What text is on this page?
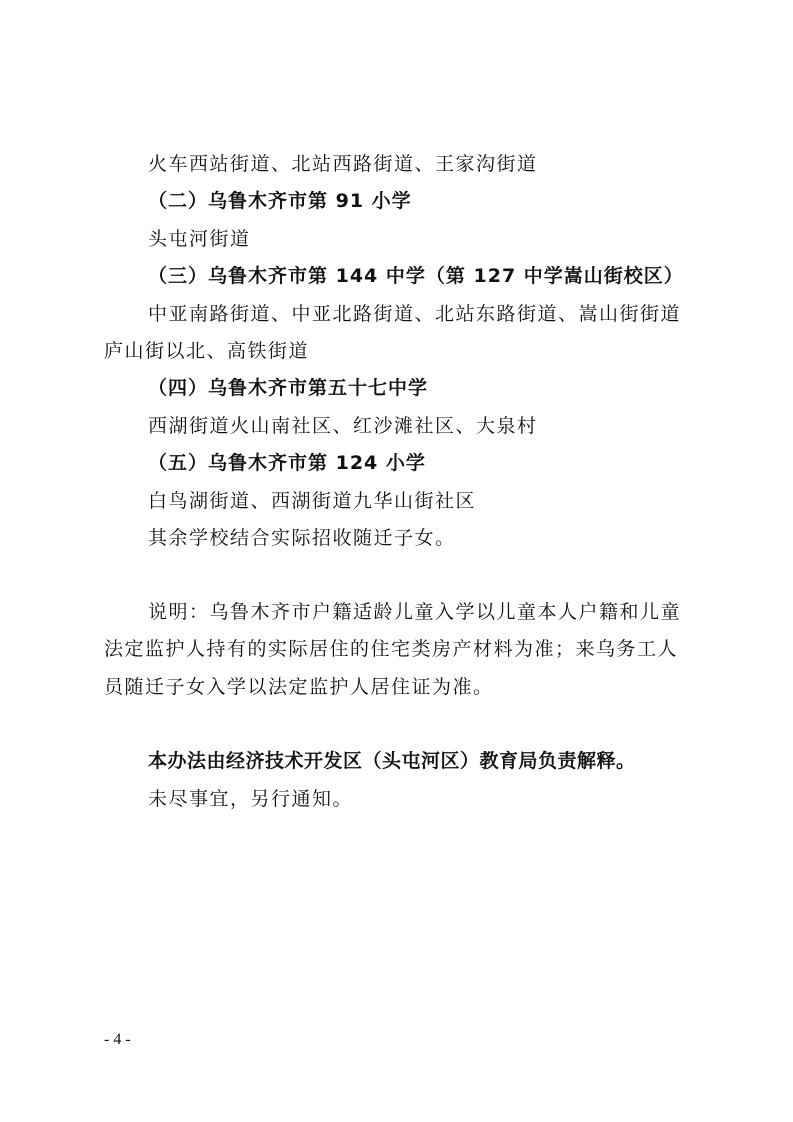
火车西站街道、北站西路街道、王家沟街道
（二）乌鲁木齐市第 91 小学
头屯河街道
（三）乌鲁木齐市第 144 中学（第 127 中学嵩山街校区）
中亚南路街道、中亚北路街道、北站东路街道、嵩山街街道
庐山街以北、高铁街道
（四）乌鲁木齐市第五十七中学
西湖街道火山南社区、红沙滩社区、大泉村
（五）乌鲁木齐市第 124 小学
白鸟湖街道、西湖街道九华山街社区
其余学校结合实际招收随迁子女。
说明：乌鲁木齐市户籍适龄儿童入学以儿童本人户籍和儿童
法定监护人持有的实际居住的住宅类房产材料为准；来乌务工人
员随迁子女入学以法定监护人居住证为准。
本办法由经济技术开发区（头屯河区）教育局负责解释。
未尽事宜，另行通知。
- 4 -
